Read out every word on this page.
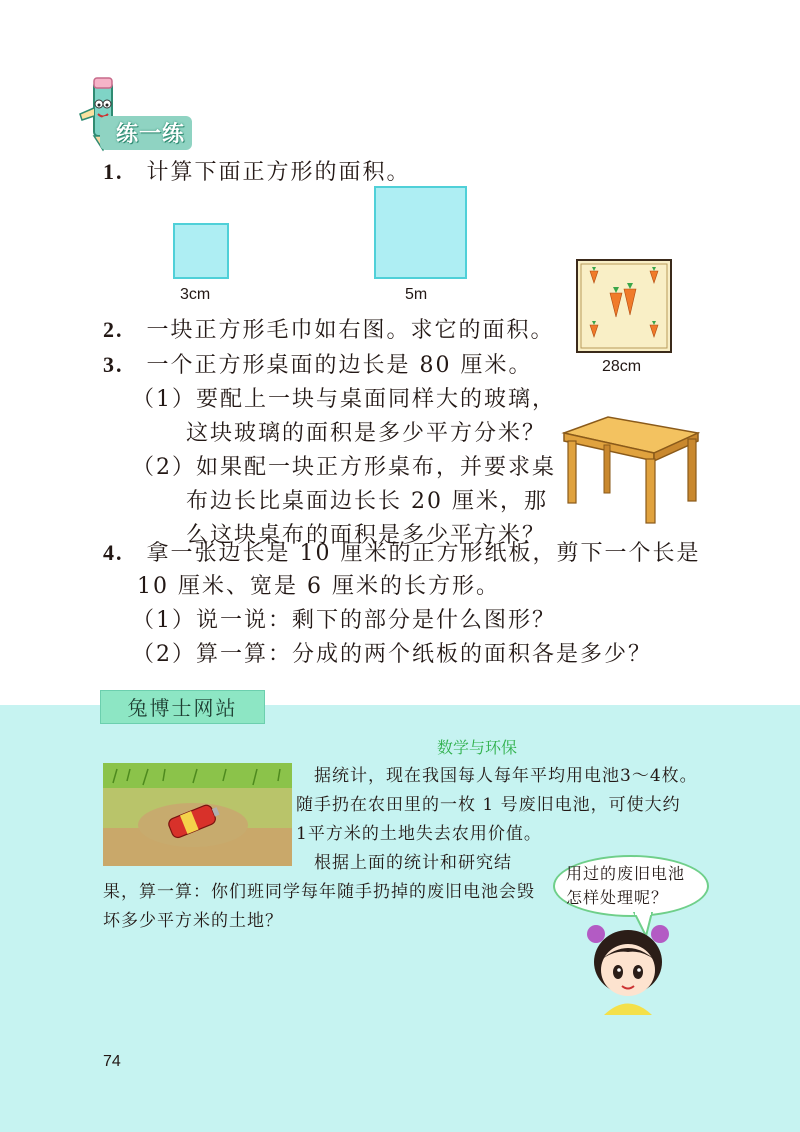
练一练
1. 计算下面正方形的面积。
3cm	5m
28cm
2. 一块正方形毛巾如右图。求它的面积。
3. 一个正方形桌面的边长是 80 厘米。
（1）要配上一块与桌面同样大的玻璃，
这块玻璃的面积是多少平方分米？
（2）如果配一块正方形桌布，并要求桌
布边长比桌面边长长 20 厘米，那
么这块桌布的面积是多少平方米？
4. 拿一张边长是 10 厘米的正方形纸板，剪下一个长是
10 厘米、宽是 6 厘米的长方形。
（1）说一说：剩下的部分是什么图形？
（2）算一算：分成的两个纸板的面积各是多少？
兔博士网站
数学与环保
据统计，现在我国每人每年平均用电池3～4枚。
随手扔在农田里的一枚 1 号废旧电池，可使大约
1平方米的土地失去农用价值。
根据上面的统计和研究结
果，算一算：你们班同学每年随手扔掉的废旧电池会毁
坏多少平方米的土地？
用过的废旧电池
怎样处理呢？
74
